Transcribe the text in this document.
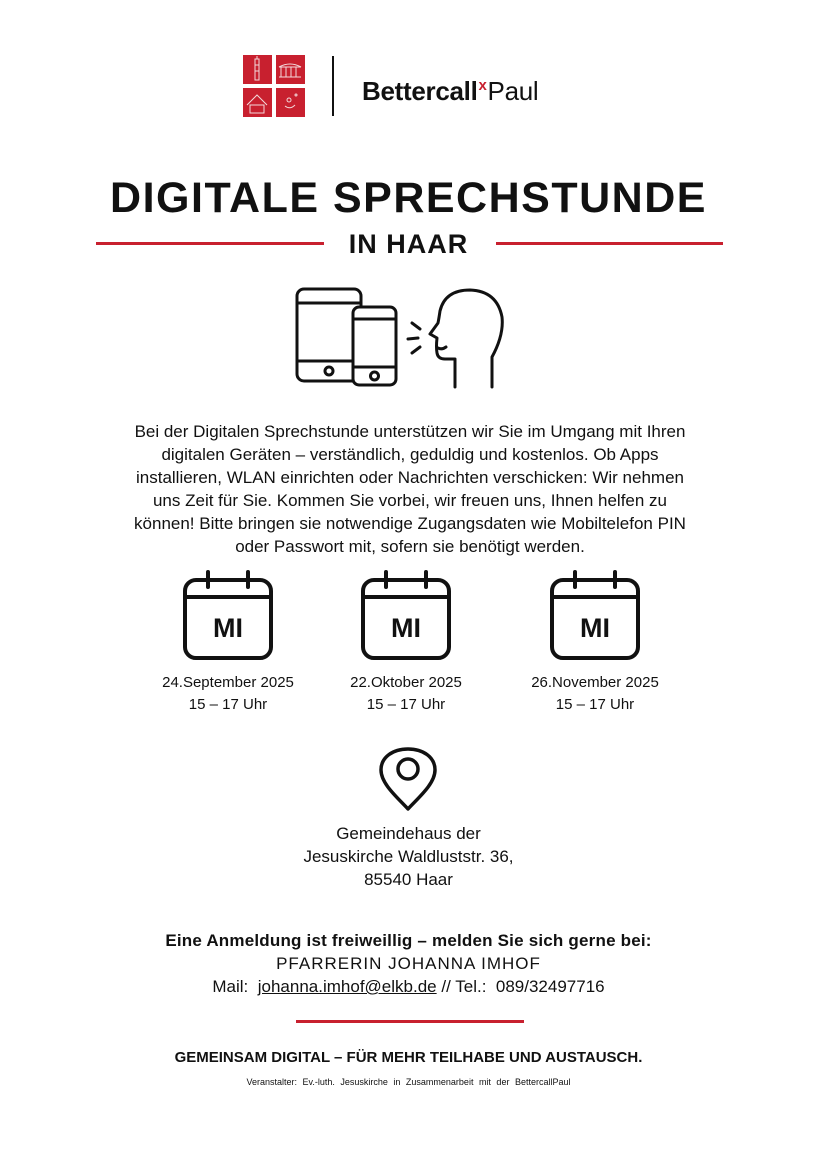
Bettercall$^x$Paul
DIGITALE SPRECHSTUNDE
IN HAAR
Bei der Digitalen Sprechstunde unterstützen wir Sie im Umgang mit Ihren
digitalen Geräten – verständlich, geduldig und kostenlos. Ob Apps
installieren, WLAN einrichten oder Nachrichten verschicken: Wir nehmen
uns Zeit für Sie. Kommen Sie vorbei, wir freuen uns, Ihnen helfen zu
können! Bitte bringen sie notwendige Zugangsdaten wie Mobiltelefon PIN
oder Passwort mit, sofern sie benötigt werden.
MI
24.September 2025
15 – 17 Uhr
MI
22.Oktober 2025
15 – 17 Uhr
MI
26.November 2025
15 – 17 Uhr
Gemeindehaus der
Jesuskirche Waldluststr. 36,
85540 Haar
Eine Anmeldung ist freiweillig – melden Sie sich gerne bei:
PFARRERIN JOHANNA IMHOF
Mail: johanna.imhof@elkb.de // Tel.: 089/32497716
GEMEINSAM DIGITAL – FÜR MEHR TEILHABE UND AUSTAUSCH.
Veranstalter: Ev.-luth. Jesuskirche in Zusammenarbeit mit der BettercallPaul
